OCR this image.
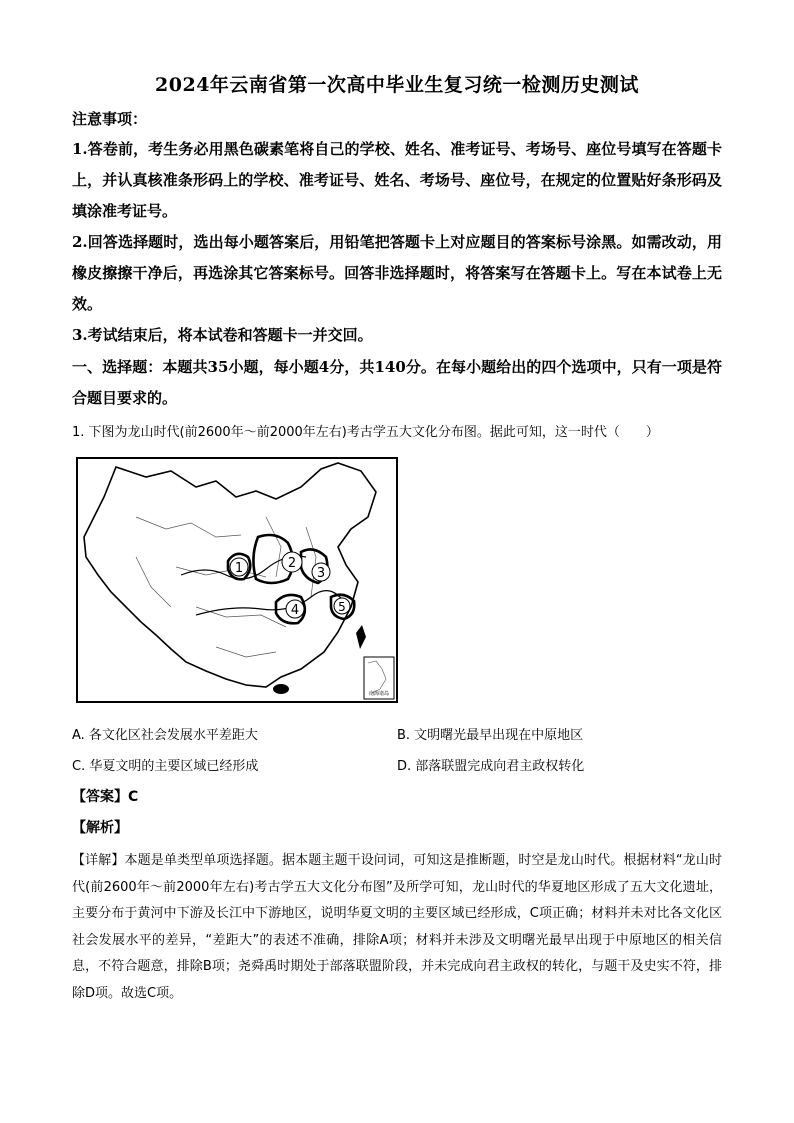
2024年云南省第一次高中毕业生复习统一检测历史测试
注意事项：
1.答卷前，考生务必用黑色碳素笔将自己的学校、姓名、准考证号、考场号、座位号填写在答题卡上，并认真核准条形码上的学校、准考证号、姓名、考场号、座位号，在规定的位置贴好条形码及填涂准考证号。
2.回答选择题时，选出每小题答案后，用铅笔把答题卡上对应题目的答案标号涂黑。如需改动，用橡皮擦擦干净后，再选涂其它答案标号。回答非选择题时，将答案写在答题卡上。写在本试卷上无效。
3.考试结束后，将本试卷和答题卡一并交回。
一、选择题：本题共35小题，每小题4分，共140分。在每小题给出的四个选项中，只有一项是符合题目要求的。
1. 下图为龙山时代(前2600年～前2000年左右)考古学五大文化分布图。据此可知，这一时代（　　）
1	2
3
4	5
南海诸岛
A. 各文化区社会发展水平差距大	B. 文明曙光最早出现在中原地区
C. 华夏文明的主要区域已经形成	D. 部落联盟完成向君主政权转化
【答案】C
【解析】
【详解】本题是单类型单项选择题。据本题主题干设问词，可知这是推断题，时空是龙山时代。根据材料“龙山时代(前2600年～前2000年左右)考古学五大文化分布图”及所学可知，龙山时代的华夏地区形成了五大文化遗址，主要分布于黄河中下游及长江中下游地区，说明华夏文明的主要区域已经形成，C项正确；材料并未对比各文化区社会发展水平的差异，“差距大”的表述不准确，排除A项；材料并未涉及文明曙光最早出现于中原地区的相关信息，不符合题意，排除B项；尧舜禹时期处于部落联盟阶段，并未完成向君主政权的转化，与题干及史实不符，排除D项。故选C项。
